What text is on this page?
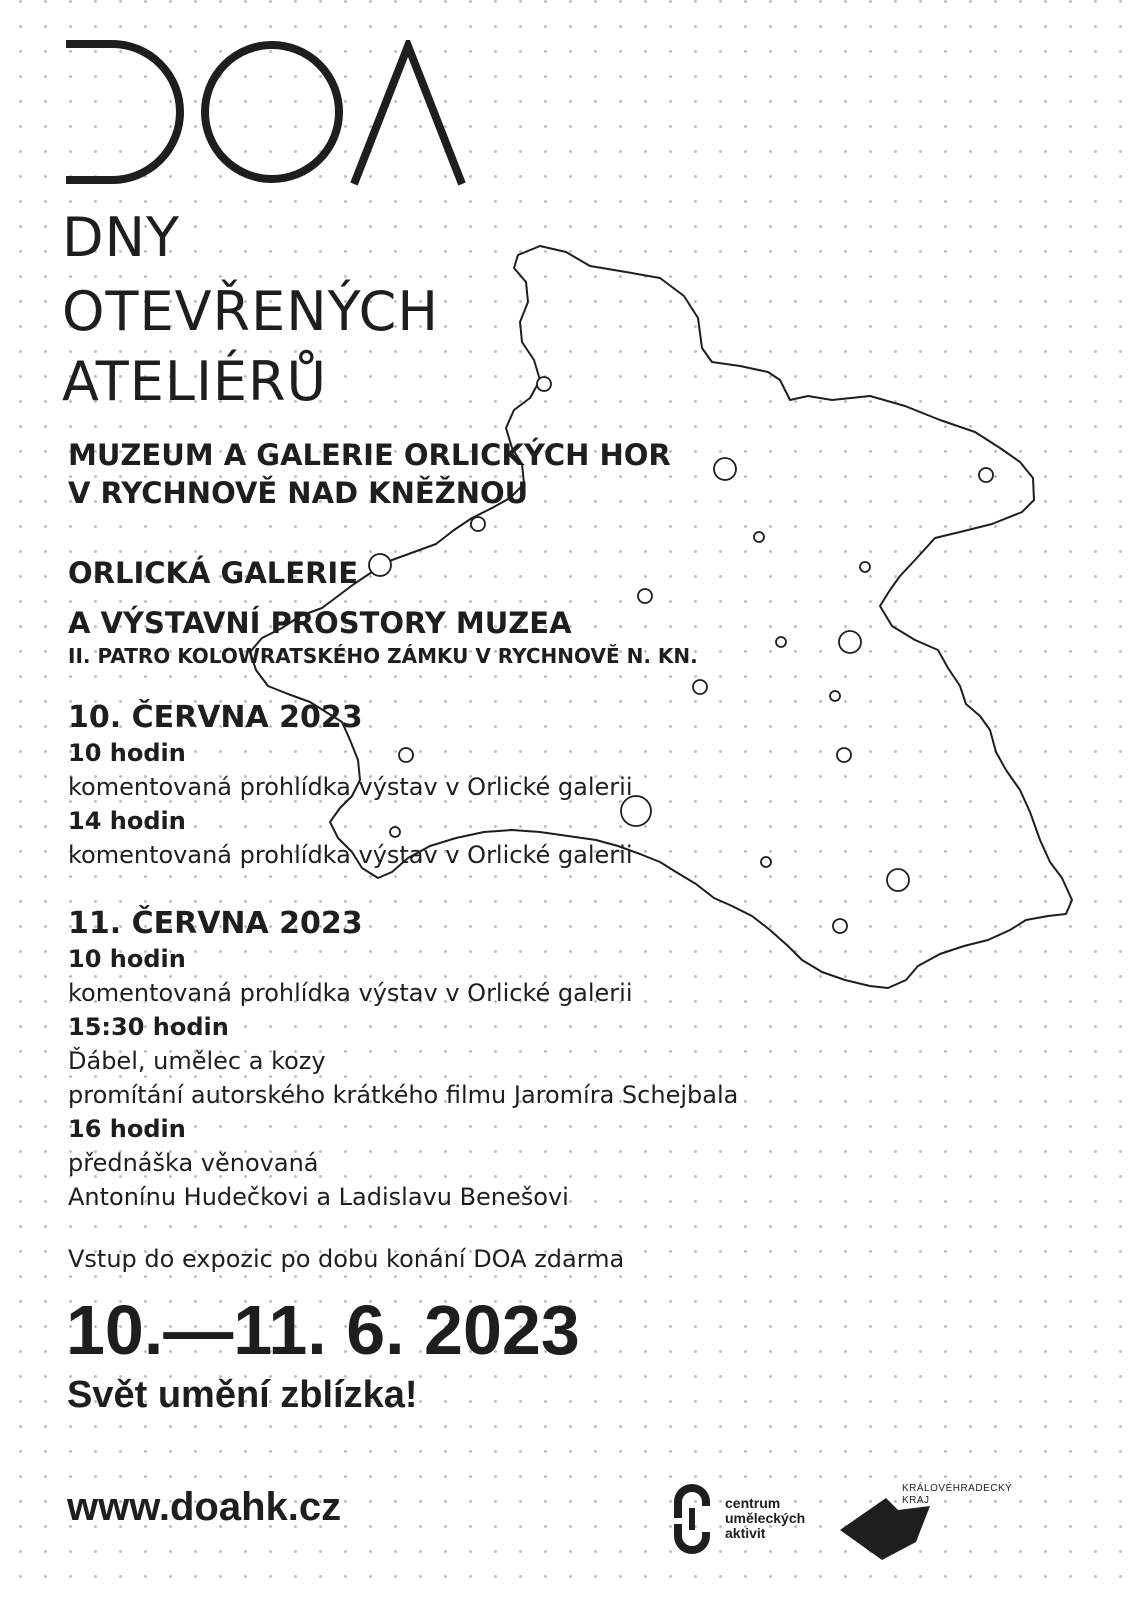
DNY
OTEVŘENÝCH
ATELIÉRŮ
MUZEUM A GALERIE ORLICKÝCH HOR
V RYCHNOVĚ NAD KNĚŽNOU
ORLICKÁ GALERIE
A VÝSTAVNÍ PROSTORY MUZEA
II. PATRO KOLOWRATSKÉHO ZÁMKU V RYCHNOVĚ N. KN.
10. ČERVNA 2023
10 hodin
komentovaná prohlídka výstav v Orlické galerii
14 hodin
komentovaná prohlídka výstav v Orlické galerii
11. ČERVNA 2023
10 hodin
komentovaná prohlídka výstav v Orlické galerii
15:30 hodin
Ďábel, umělec a kozy
promítání autorského krátkého filmu Jaromíra Schejbala
16 hodin
přednáška věnovaná
Antonínu Hudečkovi a Ladislavu Benešovi
Vstup do expozic po dobu konání DOA zdarma
10.—11. 6. 2023
Svět umění zblízka!
www.doahk.cz	centrum
uměleckých
aktivit
KRÁLOVÉHRADECKÝ
KRAJ
